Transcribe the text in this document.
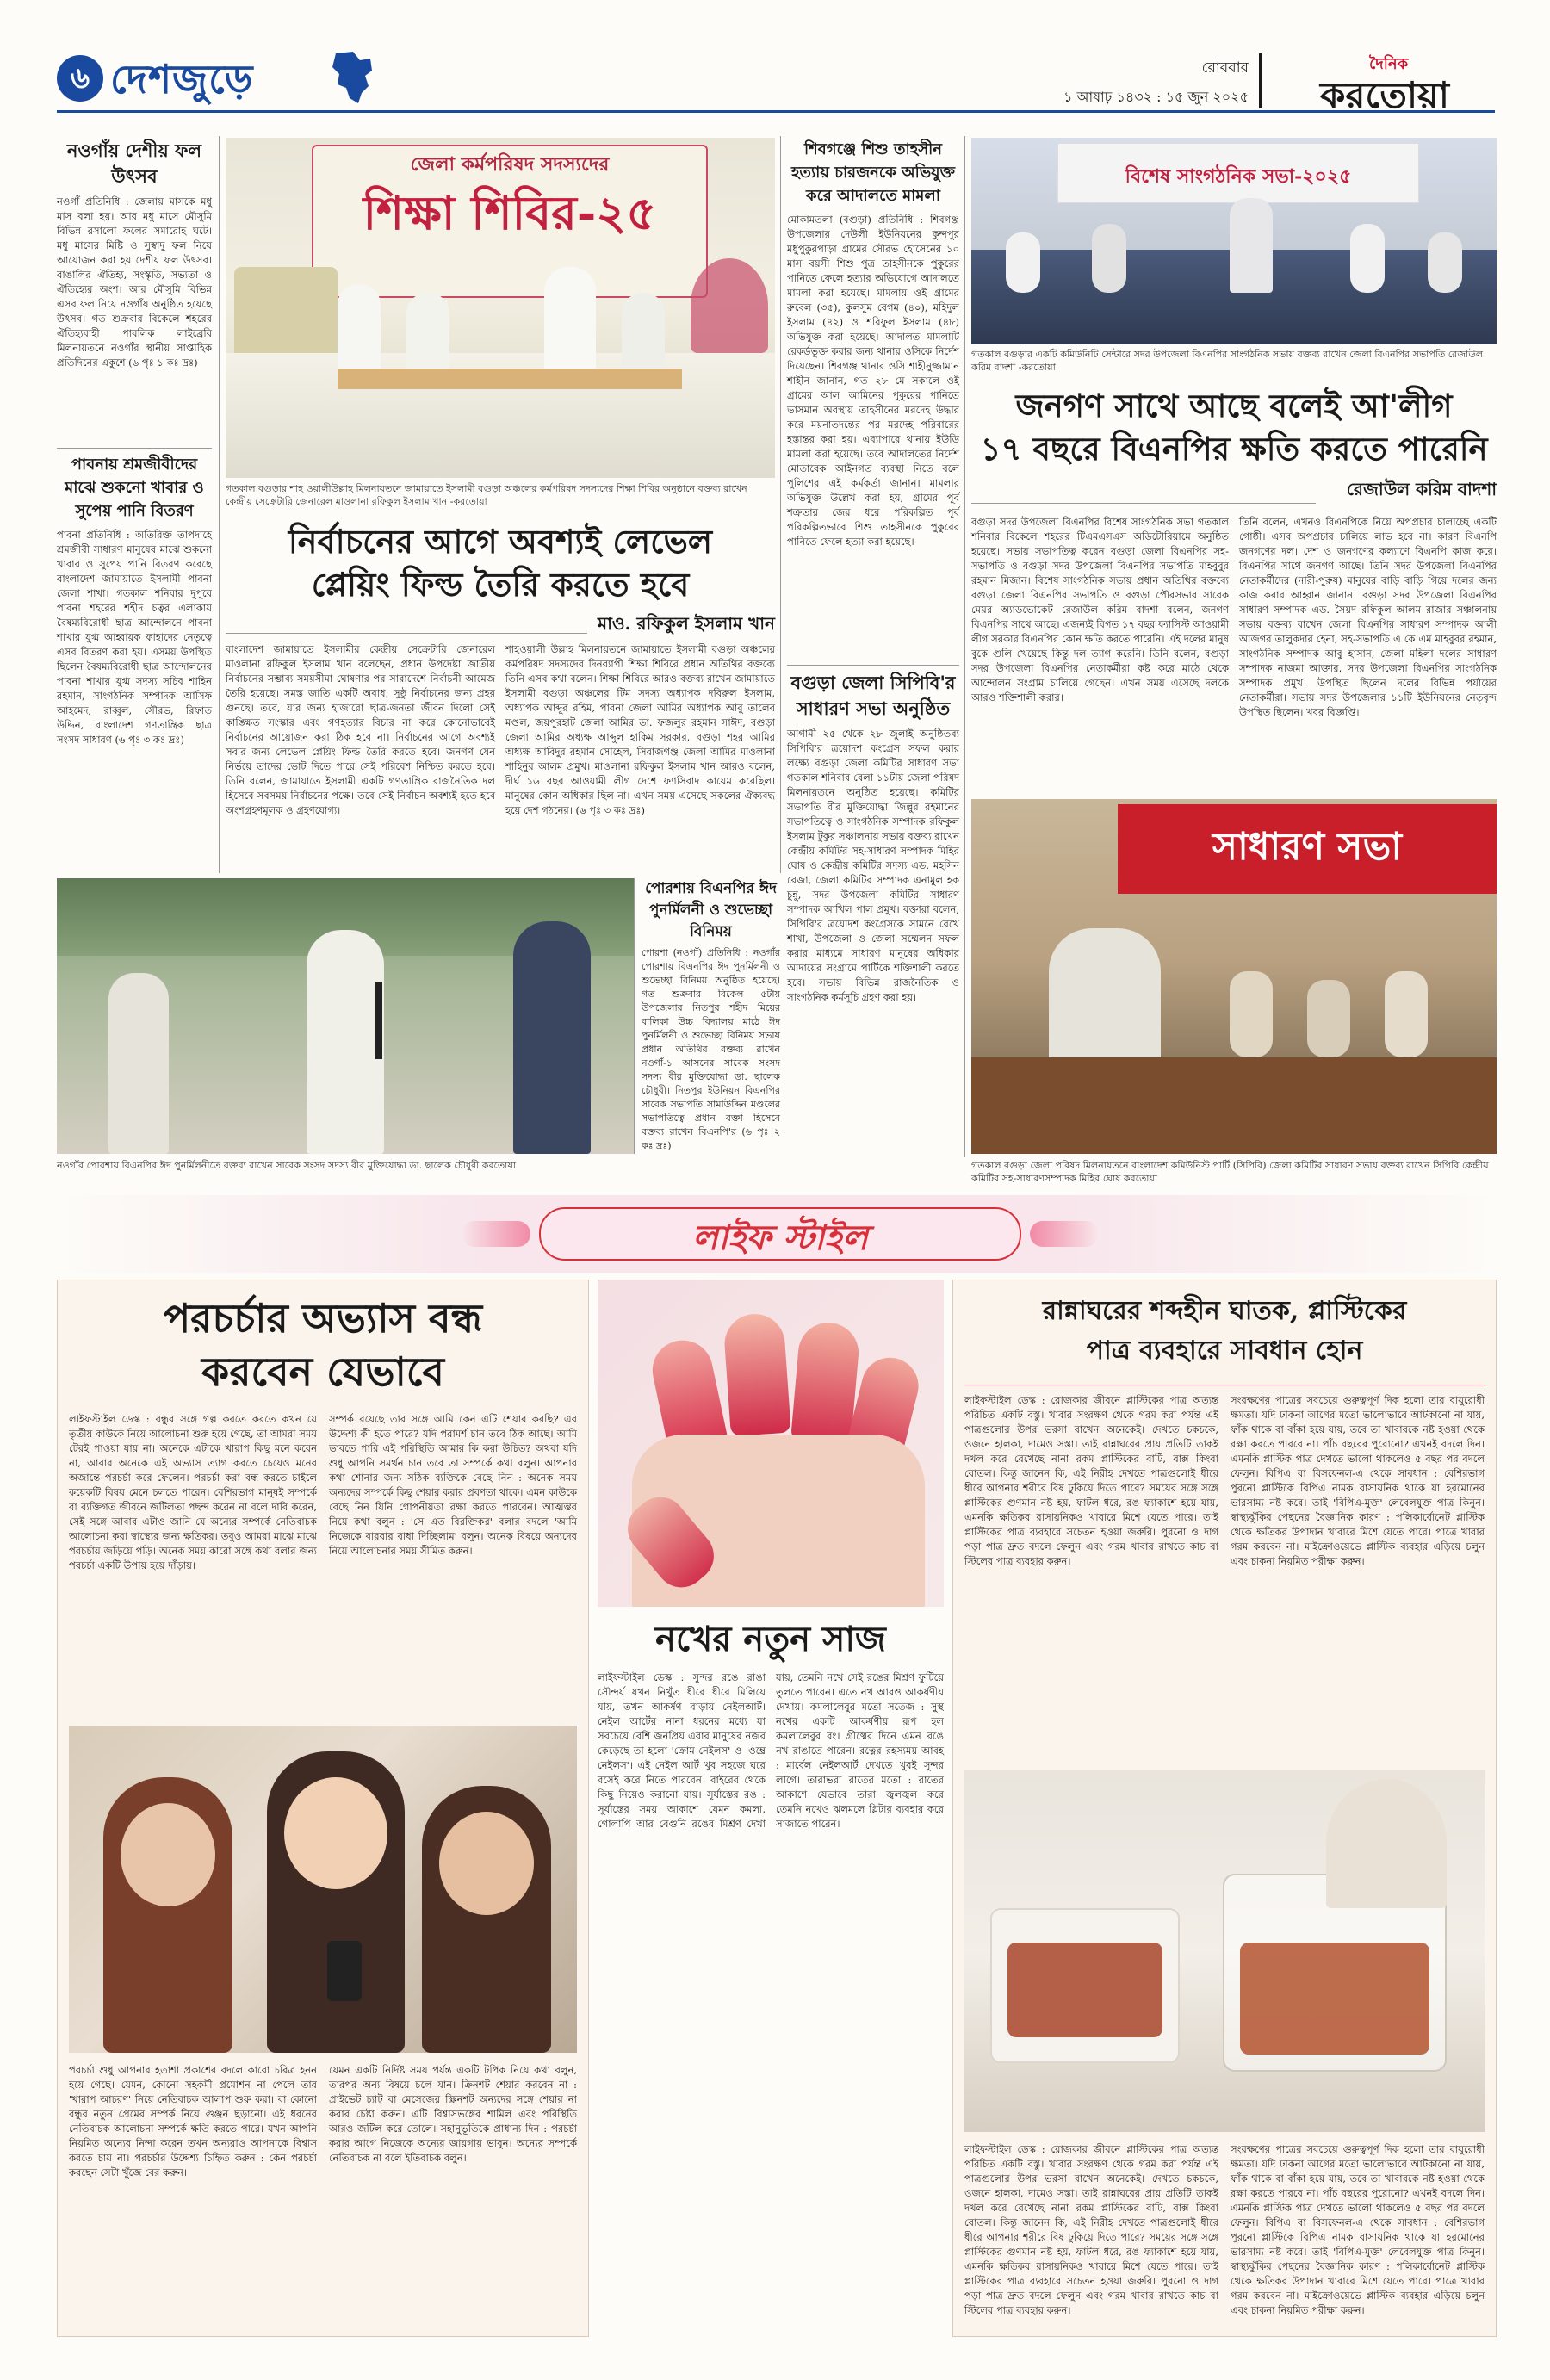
৬ দেশজুড়ে	রোববার
১ আষাঢ় ১৪৩২ : ১৫ জুন ২০২৫
দৈনিক
করতোয়া
নওগাঁয় দেশীয় ফল উৎসব
নওগাঁ প্রতিনিধি : জেলায় মাসকে মধু মাস বলা হয়। আর মধু মাসে মৌসুমি বিভিন্ন রসালো ফলের সমারোহ ঘটে। মধু মাসের মিষ্টি ও সুস্বাদু ফল নিয়ে আয়োজন করা হয় দেশীয় ফল উৎসব। বাঙালির ঐতিহ্য, সংস্কৃতি, সভ্যতা ও ঐতিহ্যের অংশ। আর মৌসুমি বিভিন্ন এসব ফল নিয়ে নওগাঁয় অনুষ্ঠিত হয়েছে উৎসব। গত শুক্রবার বিকেলে শহরের ঐতিহ্যবাহী পাবলিক লাইব্রেরি মিলনায়তনে নওগাঁর স্থানীয় সাপ্তাহিক প্রতিদিনের একুশে (৬ পৃঃ ১ কঃ দ্রঃ)
পাবনায় শ্রমজীবীদের মাঝে শুকনো খাবার ও সুপেয় পানি বিতরণ
পাবনা প্রতিনিধি : অতিরিক্ত তাপদাহে শ্রমজীবী সাধারণ মানুষের মাঝে শুকনো খাবার ও সুপেয় পানি বিতরণ করেছে বাংলাদেশ জামায়াতে ইসলামী পাবনা জেলা শাখা। গতকাল শনিবার দুপুরে পাবনা শহরের শহীদ চত্বর এলাকায় বৈষম্যবিরোধী ছাত্র আন্দোলনে পাবনা শাখার যুগ্ম আহ্বায়ক ফাহাদের নেতৃত্বে এসব বিতরণ করা হয়। এসময় উপস্থিত ছিলেন বৈষম্যবিরোধী ছাত্র আন্দোলনের পাবনা শাখার যুগ্ম সদস্য সচিব শাহিন রহমান, সাংগঠনিক সম্পাদক আসিফ আহমেদ, রাব্বুল, সৌরভ, রিফাত উদ্দিন, বাংলাদেশ গণতান্ত্রিক ছাত্র সংসদ সাধারণ (৬ পৃঃ ৩ কঃ দ্রঃ)
জেলা কর্মপরিষদ সদস্যদের
শিক্ষা শিবির-২৫
গতকাল বগুড়ার শাহ ওয়ালীউল্লাহ মিলনায়তনে জামায়াতে ইসলামী বগুড়া অঞ্চলের কর্মপরিষদ সদস্যদের শিক্ষা শিবির অনুষ্ঠানে বক্তব্য রাখেন কেন্দ্রীয় সেক্রেটারি জেনারেল মাওলানা রফিকুল ইসলাম খান -করতোয়া
নির্বাচনের আগে অবশ্যই লেভেল
প্লেয়িং ফিল্ড তৈরি করতে হবে
মাও. রফিকুল ইসলাম খান
বাংলাদেশ জামায়াতে ইসলামীর কেন্দ্রীয় সেক্রেটারি জেনারেল মাওলানা রফিকুল ইসলাম খান বলেছেন, প্রধান উপদেষ্টা জাতীয় নির্বাচনের সম্ভাব্য সময়সীমা ঘোষণার পর সারাদেশে নির্বাচনী আমেজ তৈরি হয়েছে। সমস্ত জাতি একটি অবাধ, সুষ্ঠু নির্বাচনের জন্য প্রহর গুনছে। তবে, যার জন্য হাজারো ছাত্র-জনতা জীবন দিলো সেই কাঙ্ক্ষিত সংস্কার এবং গণহত্যার বিচার না করে কোনোভাবেই নির্বাচনের আয়োজন করা ঠিক হবে না। নির্বাচনের আগে অবশ্যই সবার জন্য লেভেল প্লেয়িং ফিল্ড তৈরি করতে হবে। জনগণ যেন নির্ভয়ে তাদের ভোট দিতে পারে সেই পরিবেশ নিশ্চিত করতে হবে। তিনি বলেন, জামায়াতে ইসলামী একটি গণতান্ত্রিক রাজনৈতিক দল হিসেবে সবসময় নির্বাচনের পক্ষে। তবে সেই নির্বাচন অবশ্যই হতে হবে অংশগ্রহণমূলক ও গ্রহণযোগ্য।
শাহওয়ালী উল্লাহ মিলনায়তনে জামায়াতে ইসলামী বগুড়া অঞ্চলের কর্মপরিষদ সদস্যদের দিনব্যাপী শিক্ষা শিবিরে প্রধান অতিথির বক্তব্যে তিনি এসব কথা বলেন। শিক্ষা শিবিরে আরও বক্তব্য রাখেন জামায়াতে ইসলামী বগুড়া অঞ্চলের টিম সদস্য অধ্যাপক দবিরুল ইসলাম, অধ্যাপক আব্দুর রহিম, পাবনা জেলা আমির অধ্যাপক আবু তালেব মণ্ডল, জয়পুরহাট জেলা আমির ডা. ফজলুর রহমান সাঈদ, বগুড়া জেলা আমির অধ্যক্ষ আব্দুল হাকিম সরকার, বগুড়া শহর আমির অধ্যক্ষ আবিদুর রহমান সোহেল, সিরাজগঞ্জ জেলা আমির মাওলানা শাহিনুর আলম প্রমুখ। মাওলানা রফিকুল ইসলাম খান আরও বলেন, দীর্ঘ ১৬ বছর আওয়ামী লীগ দেশে ফ্যাসিবাদ কায়েম করেছিল। মানুষের কোন অধিকার ছিল না। এখন সময় এসেছে সকলের ঐক্যবদ্ধ হয়ে দেশ গঠনের। (৬ পৃঃ ৩ কঃ দ্রঃ)
শিবগঞ্জে শিশু তাহসীন হত্যায় চারজনকে অভিযুক্ত করে আদালতে মামলা
মোকামতলা (বগুড়া) প্রতিনিধি : শিবগঞ্জ উপজেলার দেউলী ইউনিয়নের কুন্দপুর মধুপুকুরপাড়া গ্রামের সৌরভ হোসেনের ১০ মাস বয়সী শিশু পুত্র তাহসীনকে পুকুরের পানিতে ফেলে হত্যার অভিযোগে আদালতে মামলা করা হয়েছে। মামলায় ওই গ্রামের রুবেল (৩৫), কুলসুম বেগম (৪০), মহিদুল ইসলাম (৪২) ও শরিফুল ইসলাম (৪৮) অভিযুক্ত করা হয়েছে। আদালত মামলাটি রেকর্ডভুক্ত করার জন্য থানার ওসিকে নির্দেশ দিয়েছেন। শিবগঞ্জ থানার ওসি শাহীনুজ্জামান শাহীন জানান, গত ২৮ মে সকালে ওই গ্রামের আল আমিনের পুকুরের পানিতে ভাসমান অবস্থায় তাহসীনের মরদেহ উদ্ধার করে ময়নাতদন্তের পর মরদেহ পরিবারের হস্তান্তর করা হয়। এব্যাপারে থানায় ইউডি মামলা করা হয়েছে। তবে আদালতের নির্দেশ মোতাবেক আইনগত ব্যবস্থা নিতে বলে পুলিশের এই কর্মকর্তা জানান। মামলার অভিযুক্ত উল্লেখ করা হয়, গ্রামের পূর্ব শত্রুতার জের ধরে পরিকল্পিত পূর্ব পরিকল্পিতভাবে শিশু তাহসীনকে পুকুরের পানিতে ফেলে হত্যা করা হয়েছে।
বগুড়া জেলা সিপিবি'র সাধারণ সভা অনুষ্ঠিত
আগামী ২৫ থেকে ২৮ জুলাই অনুষ্ঠিতব্য সিপিবি'র ত্রয়োদশ কংগ্রেস সফল করার লক্ষ্যে বগুড়া জেলা কমিটির সাধারণ সভা গতকাল শনিবার বেলা ১১টায় জেলা পরিষদ মিলনায়তনে অনুষ্ঠিত হয়েছে। কমিটির সভাপতি বীর মুক্তিযোদ্ধা জিল্লুর রহমানের সভাপতিত্বে ও সাংগঠনিক সম্পাদক রফিকুল ইসলাম টুকুর সঞ্চালনায় সভায় বক্তব্য রাখেন কেন্দ্রীয় কমিটির সহ-সাধারণ সম্পাদক মিহির ঘোষ ও কেন্দ্রীয় কমিটির সদস্য এড. মহসিন রেজা, জেলা কমিটির সম্পাদক এনামুল হক চুন্নু, সদর উপজেলা কমিটির সাধারণ সম্পাদক আখিল পাল প্রমুখ। বক্তারা বলেন, সিপিবি'র ত্রয়োদশ কংগ্রেসকে সামনে রেখে শাখা, উপজেলা ও জেলা সম্মেলন সফল করার মাধ্যমে সাধারণ মানুষের অধিকার আদায়ের সংগ্রামে পার্টিকে শক্তিশালী করতে হবে। সভায় বিভিন্ন রাজনৈতিক ও সাংগঠনিক কর্মসূচি গ্রহণ করা হয়।
বিশেষ সাংগঠনিক সভা-২০২৫
গতকাল বগুড়ার একটি কমিউনিটি সেন্টারে সদর উপজেলা বিএনপির সাংগঠনিক সভায় বক্তব্য রাখেন জেলা বিএনপির সভাপতি রেজাউল করিম বাদশা -করতোয়া
জনগণ সাথে আছে বলেই আ'লীগ
১৭ বছরে বিএনপির ক্ষতি করতে পারেনি
রেজাউল করিম বাদশা
বগুড়া সদর উপজেলা বিএনপির বিশেষ সাংগঠনিক সভা গতকাল শনিবার বিকেলে শহরের টিএমএসএস অডিটোরিয়ামে অনুষ্ঠিত হয়েছে। সভায় সভাপতিত্ব করেন বগুড়া জেলা বিএনপির সহ-সভাপতি ও বগুড়া সদর উপজেলা বিএনপির সভাপতি মাহবুবুর রহমান মিজান। বিশেষ সাংগঠনিক সভায় প্রধান অতিথির বক্তব্যে বগুড়া জেলা বিএনপির সভাপতি ও বগুড়া পৌরসভার সাবেক মেয়র অ্যাডভোকেট রেজাউল করিম বাদশা বলেন, জনগণ বিএনপির সাথে আছে। এজন্যই বিগত ১৭ বছর ফ্যাসিস্ট আওয়ামী লীগ সরকার বিএনপির কোন ক্ষতি করতে পারেনি। এই দলের মানুষ বুকে গুলি খেয়েছে কিন্তু দল ত্যাগ করেনি। তিনি বলেন, বগুড়া সদর উপজেলা বিএনপির নেতাকর্মীরা কষ্ট করে মাঠে থেকে আন্দোলন সংগ্রাম চালিয়ে গেছেন। এখন সময় এসেছে দলকে আরও শক্তিশালী করার।
তিনি বলেন, এখনও বিএনপিকে নিয়ে অপপ্রচার চালাচ্ছে একটি গোষ্ঠী। এসব অপপ্রচার চালিয়ে লাভ হবে না। কারণ বিএনপি জনগণের দল। দেশ ও জনগণের কল্যাণে বিএনপি কাজ করে। বিএনপির সাথে জনগণ আছে। তিনি সদর উপজেলা বিএনপির নেতাকর্মীদের (নারী-পুরুষ) মানুষের বাড়ি বাড়ি গিয়ে দলের জন্য কাজ করার আহ্বান জানান। বগুড়া সদর উপজেলা বিএনপির সাধারণ সম্পাদক এড. সৈয়দ রফিকুল আলম রাজার সঞ্চালনায় সভায় বক্তব্য রাখেন জেলা বিএনপির সাধারণ সম্পাদক আলী আজগর তালুকদার হেনা, সহ-সভাপতি এ কে এম মাহবুবর রহমান, সাংগঠনিক সম্পাদক আবু হাসান, জেলা মহিলা দলের সাধারণ সম্পাদক নাজমা আক্তার, সদর উপজেলা বিএনপির সাংগঠনিক সম্পাদক প্রমুখ। উপস্থিত ছিলেন দলের বিভিন্ন পর্যায়ের নেতাকর্মীরা। সভায় সদর উপজেলার ১১টি ইউনিয়নের নেতৃবৃন্দ উপস্থিত ছিলেন। খবর বিজ্ঞপ্তি।
সাধারণ সভা
নওগাঁর পোরশায় বিএনপির ঈদ পুনর্মিলনীতে বক্তব্য রাখেন সাবেক সংসদ সদস্য বীর মুক্তিযোদ্ধা ডা. ছালেক চৌধুরী করতোয়া	গতকাল বগুড়া জেলা পরিষদ মিলনায়তনে বাংলাদেশ কমিউনিস্ট পার্টি (সিপিবি) জেলা কমিটির সাধারণ সভায় বক্তব্য রাখেন সিপিবি কেন্দ্রীয় কমিটির সহ-সাধারণসম্পাদক মিহির ঘোষ করতোয়া
পোরশায় বিএনপির ঈদ পুনর্মিলনী ও শুভেচ্ছা বিনিময়
পোরশা (নওগাঁ) প্রতিনিধি : নওগাঁর পোরশায় বিএনপির ঈদ পুনর্মিলনী ও শুভেচ্ছা বিনিময় অনুষ্ঠিত হয়েছে। গত শুক্রবার বিকেল ৫টায় উপজেলার নিতপুর শহীদ মিয়ের বালিকা উচ্চ বিদ্যালয় মাঠে ঈদ পুনর্মিলনী ও শুভেচ্ছা বিনিময় সভায় প্রধান অতিথির বক্তব্য রাখেন নওগাঁ-১ আসনের সাবেক সংসদ সদস্য বীর মুক্তিযোদ্ধা ডা. ছালেক চৌধুরী। নিতপুর ইউনিয়ন বিএনপির সাবেক সভাপতি সামাউদ্দিন মণ্ডলের সভাপতিত্বে প্রধান বক্তা হিসেবে বক্তব্য রাখেন বিএনপি'র (৬ পৃঃ ২ কঃ দ্রঃ)
লাইফ স্টাইল
পরচর্চার অভ্যাস বন্ধ
করবেন যেভাবে
লাইফস্টাইল ডেস্ক : বন্ধুর সঙ্গে গল্প করতে করতে কখন যে তৃতীয় কাউকে নিয়ে আলোচনা শুরু হয়ে গেছে, তা আমরা সময় টেরই পাওয়া যায় না। অনেকে এটাকে খারাপ কিছু মনে করেন না, আবার অনেকে এই অভ্যাস ত্যাগ করতে চেয়েও মনের অজান্তে পরচর্চা করে ফেলেন। পরচর্চা করা বন্ধ করতে চাইলে কয়েকটি বিষয় মেনে চলতে পারেন। বেশিরভাগ মানুষই সম্পর্কে বা ব্যক্তিগত জীবনে জটিলতা পছন্দ করেন না বলে দাবি করেন, সেই সঙ্গে আবার এটাও জানি যে অন্যের সম্পর্কে নেতিবাচক আলোচনা করা স্বাস্থ্যের জন্য ক্ষতিকর। তবুও আমরা মাঝে মাঝে পরচর্চায় জড়িয়ে পড়ি। অনেক সময় কারো সঙ্গে কথা বলার জন্য পরচর্চা একটি উপায় হয়ে দাঁড়ায়।
সম্পর্ক রয়েছে তার সঙ্গে আমি কেন এটি শেয়ার করছি? এর উদ্দেশ্য কী হতে পারে? যদি পরামর্শ চান তবে ঠিক আছে। আমি ভাবতে পারি এই পরিস্থিতি আমার কি করা উচিত? অথবা যদি শুধু আপনি সমর্থন চান তবে তা সম্পর্কে কথা বলুন। আপনার কথা শোনার জন্য সঠিক ব্যক্তিকে বেছে নিন : অনেক সময় অন্যদের সম্পর্কে কিছু শেয়ার করার প্রবণতা থাকে। এমন কাউকে বেছে নিন যিনি গোপনীয়তা রক্ষা করতে পারবেন। আত্মম্ভর নিয়ে কথা বলুন : 'সে এত বিরক্তিকর' বলার বদলে 'আমি নিজেকে বারবার বাধা দিচ্ছিলাম' বলুন। অনেক বিষয়ে অন্যদের নিয়ে আলোচনার সময় সীমিত করুন।
পরচর্চা শুধু আপনার হতাশা প্রকাশের বদলে কারো চরিত্র হনন হয়ে গেছে। যেমন, কোনো সহকর্মী প্রমোশন না পেলে তার 'খারাপ আচরণ' নিয়ে নেতিবাচক আলাপ শুরু করা। বা কোনো বন্ধুর নতুন প্রেমের সম্পর্ক নিয়ে গুঞ্জন ছড়ানো। এই ধরনের নেতিবাচক আলোচনা সম্পর্কে ক্ষতি করতে পারে। যখন আপনি নিয়মিত অন্যের নিন্দা করেন তখন অন্যরাও আপনাকে বিশ্বাস করতে চায় না। পরচর্চার উদ্দেশ্য চিহ্নিত করুন : কেন পরচর্চা করছেন সেটা খুঁজে বের করুন।
যেমন একটি নির্দিষ্ট সময় পর্যন্ত একটি টপিক নিয়ে কথা বলুন, তারপর অন্য বিষয়ে চলে যান। ক্রিনশট শেয়ার করবেন না : প্রাইভেট চ্যাট বা মেসেজের স্ক্রিনশট অন্যদের সঙ্গে শেয়ার না করার চেষ্টা করুন। এটি বিশ্বাসভঙ্গের শামিল এবং পরিস্থিতি আরও জটিল করে তোলে। সহানুভূতিকে প্রাধান্য দিন : পরচর্চা করার আগে নিজেকে অন্যের জায়গায় ভাবুন। অন্যের সম্পর্কে নেতিবাচক না বলে ইতিবাচক বলুন।
নখের নতুন সাজ
লাইফস্টাইল ডেস্ক : সুন্দর রঙে রাঙা সৌন্দর্য যখন নিখুঁত ধীরে ধীরে মিলিয়ে যায়, তখন আকর্ষণ বাড়ায় নেইলআর্ট। নেইল আর্টের নানা ধরনের মধ্যে যা সবচেয়ে বেশি জনপ্রিয় এবার মানুষের নজর কেড়েছে তা হলো 'ক্রোম নেইলস' ও 'ওম্ব্রে নেইলস'। এই নেইল আর্ট খুব সহজে ঘরে বসেই করে নিতে পারবেন। বাইরের থেকে কিছু নিয়েও করানো যায়। সূর্যাস্তের রঙ : সূর্যাস্তের সময় আকাশে যেমন কমলা, গোলাপি আর বেগুনি রঙের মিশ্রণ দেখা যায়, তেমনি নখে সেই রঙের মিশ্রণ ফুটিয়ে তুলতে পারেন। এতে নখ আরও আকর্ষণীয় দেখায়। কমলালেবুর মতো সতেজ : সুস্থ নখের একটি আকর্ষণীয় রূপ হল কমলালেবুর রং। গ্রীষ্মের দিনে এমন রঙে নখ রাঙাতে পারেন। রত্নের রহস্যময় আবহ : মার্বেল নেইলআর্ট দেখতে খুবই সুন্দর লাগে। তারাভরা রাতের মতো : রাতের আকাশে যেভাবে তারা জ্বলজ্বল করে তেমনি নখেও ঝলমলে গ্লিটার ব্যবহার করে সাজাতে পারেন।
রান্নাঘরের শব্দহীন ঘাতক, প্লাস্টিকের
পাত্র ব্যবহারে সাবধান হোন
লাইফস্টাইল ডেস্ক : রোজকার জীবনে প্লাস্টিকের পাত্র অত্যন্ত পরিচিত একটি বস্তু। খাবার সংরক্ষণ থেকে গরম করা পর্যন্ত এই পাত্রগুলোর উপর ভরসা রাখেন অনেকেই। দেখতে চকচকে, ওজনে হালকা, দামেও সস্তা। তাই রান্নাঘরের প্রায় প্রতিটি তাকই দখল করে রেখেছে নানা রকম প্লাস্টিকের বাটি, বাক্স কিংবা বোতল। কিন্তু জানেন কি, এই নিরীহ দেখতে পাত্রগুলোই ধীরে ধীরে আপনার শরীরে বিষ ঢুকিয়ে দিতে পারে? সময়ের সঙ্গে সঙ্গে প্লাস্টিকের গুণমান নষ্ট হয়, ফাটল ধরে, রঙ ফ্যাকাশে হয়ে যায়, এমনকি ক্ষতিকর রাসায়নিকও খাবারে মিশে যেতে পারে। তাই প্লাস্টিকের পাত্র ব্যবহারে সচেতন হওয়া জরুরি। পুরনো ও দাগ পড়া পাত্র দ্রুত বদলে ফেলুন এবং গরম খাবার রাখতে কাচ বা স্টিলের পাত্র ব্যবহার করুন।
সংরক্ষণের পাত্রের সবচেয়ে গুরুত্বপূর্ণ দিক হলো তার বায়ুরোধী ক্ষমতা। যদি ঢাকনা আগের মতো ভালোভাবে আটকানো না যায়, ফাঁক থাকে বা বাঁকা হয়ে যায়, তবে তা খাবারকে নষ্ট হওয়া থেকে রক্ষা করতে পারবে না। পাঁচ বছরের পুরোনো? এখনই বদলে দিন। এমনকি প্লাস্টিক পাত্র দেখতে ভালো থাকলেও ৫ বছর পর বদলে ফেলুন। বিপিএ বা বিসফেনল-এ থেকে সাবধান : বেশিরভাগ পুরনো প্লাস্টিকে বিপিএ নামক রাসায়নিক থাকে যা হরমোনের ভারসাম্য নষ্ট করে। তাই 'বিপিএ-মুক্ত' লেবেলযুক্ত পাত্র কিনুন। স্বাস্থ্যঝুঁকির পেছনের বৈজ্ঞানিক কারণ : পলিকার্বোনেট প্লাস্টিক থেকে ক্ষতিকর উপাদান খাবারে মিশে যেতে পারে। পাত্রে খাবার গরম করবেন না। মাইক্রোওয়েভে প্লাস্টিক ব্যবহার এড়িয়ে চলুন এবং চাকনা নিয়মিত পরীক্ষা করুন।
লাইফস্টাইল ডেস্ক : রোজকার জীবনে প্লাস্টিকের পাত্র অত্যন্ত পরিচিত একটি বস্তু। খাবার সংরক্ষণ থেকে গরম করা পর্যন্ত এই পাত্রগুলোর উপর ভরসা রাখেন অনেকেই। দেখতে চকচকে, ওজনে হালকা, দামেও সস্তা। তাই রান্নাঘরের প্রায় প্রতিটি তাকই দখল করে রেখেছে নানা রকম প্লাস্টিকের বাটি, বাক্স কিংবা বোতল। কিন্তু জানেন কি, এই নিরীহ দেখতে পাত্রগুলোই ধীরে ধীরে আপনার শরীরে বিষ ঢুকিয়ে দিতে পারে? সময়ের সঙ্গে সঙ্গে প্লাস্টিকের গুণমান নষ্ট হয়, ফাটল ধরে, রঙ ফ্যাকাশে হয়ে যায়, এমনকি ক্ষতিকর রাসায়নিকও খাবারে মিশে যেতে পারে। তাই প্লাস্টিকের পাত্র ব্যবহারে সচেতন হওয়া জরুরি। পুরনো ও দাগ পড়া পাত্র দ্রুত বদলে ফেলুন এবং গরম খাবার রাখতে কাচ বা স্টিলের পাত্র ব্যবহার করুন।
সংরক্ষণের পাত্রের সবচেয়ে গুরুত্বপূর্ণ দিক হলো তার বায়ুরোধী ক্ষমতা। যদি ঢাকনা আগের মতো ভালোভাবে আটকানো না যায়, ফাঁক থাকে বা বাঁকা হয়ে যায়, তবে তা খাবারকে নষ্ট হওয়া থেকে রক্ষা করতে পারবে না। পাঁচ বছরের পুরোনো? এখনই বদলে দিন। এমনকি প্লাস্টিক পাত্র দেখতে ভালো থাকলেও ৫ বছর পর বদলে ফেলুন। বিপিএ বা বিসফেনল-এ থেকে সাবধান : বেশিরভাগ পুরনো প্লাস্টিকে বিপিএ নামক রাসায়নিক থাকে যা হরমোনের ভারসাম্য নষ্ট করে। তাই 'বিপিএ-মুক্ত' লেবেলযুক্ত পাত্র কিনুন। স্বাস্থ্যঝুঁকির পেছনের বৈজ্ঞানিক কারণ : পলিকার্বোনেট প্লাস্টিক থেকে ক্ষতিকর উপাদান খাবারে মিশে যেতে পারে। পাত্রে খাবার গরম করবেন না। মাইক্রোওয়েভে প্লাস্টিক ব্যবহার এড়িয়ে চলুন এবং চাকনা নিয়মিত পরীক্ষা করুন।
